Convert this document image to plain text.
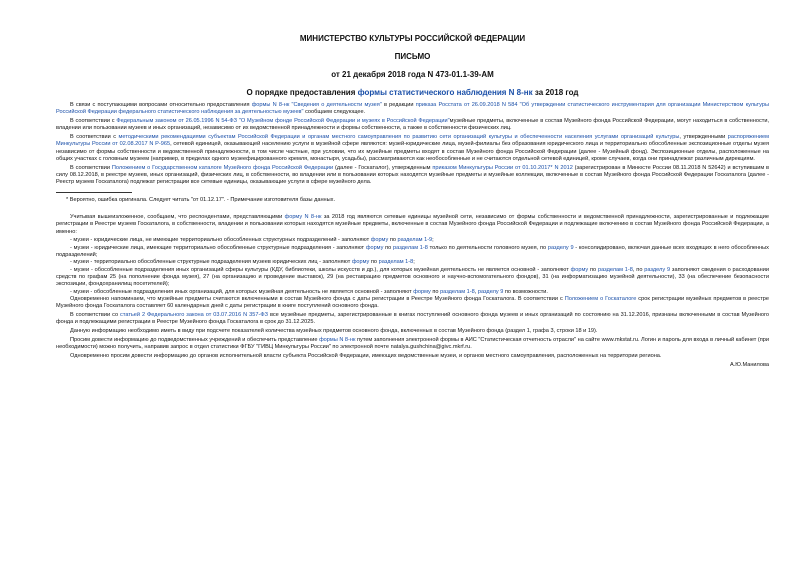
МИНИСТЕРСТВО КУЛЬТУРЫ РОССИЙСКОЙ ФЕДЕРАЦИИ
ПИСЬМО
от 21 декабря 2018 года N 473-01.1-39-АМ
О порядке предоставления формы статистического наблюдения N 8-нк за 2018 год

В связи с поступающими вопросами относительно предоставления формы N 8-нк "Сведения о деятельности музея" в редакции приказа Росстата от 26.09.2018 N 584 "Об утверждении статистического инструментария для организации Министерством культуры Российской Федерации федерального статистического наблюдения за деятельностью музеев" сообщаем следующее.

В соответствии с Федеральным законом от 26.05.1996 N 54-ФЗ "О Музейном фонде Российской Федерации и музеях в Российской Федерации"музейные предметы, включенные в состав Музейного фонда Российской Федерации, могут находиться в собственности, владении или пользовании музеев и иных организаций, независимо от их ведомственной принадлежности и формы собственности, а также в собственности физических лиц.

В соответствии с методическими рекомендациями субъектам Российской Федерации и органам местного самоуправления по развитию сети организаций культуры и обеспеченности населения услугами организаций культуры, утвержденными распоряжением Минкультуры России от 02.08.2017 N Р-965, сетевой единицей, оказывающей населению услуги в музейной сфере являются: музей-юридические лица, музей-филиалы без образования юридического лица и территориально обособленные экспозиционные отделы музея независимо от формы собственности и ведомственной принадлежности, в том числе частные, при условии, что их музейные предметы входят в состав Музейного фонда Российской Федерации (далее - Музейный фонд). Экспозиционные отделы, расположенные на общих участках с головным музеем (например, в пределах одного музеефицированного кремля, монастыря, усадьбы), рассматриваются как необособленные и не считаются отдельной сетевой единицей, кроме случаев, когда они принадлежат различным дирекциям.

В соответствии Положением о Государственном каталоге Музейного фонда Российской Федерации (далее - Госкаталог), утвержденным приказом Минкультуры России от 01.10.2017* N 2012 (зарегистрирован в Минюсте России 08.11.2018 N 52642) и вступившим в силу 08.12.2018, в реестре музеев, иных организаций, физических лиц, в собственности, во владении или в пользовании которых находятся музейные предметы и музейные коллекции, включенные в состав Музейного фонда Российской Федерации Госкаталога (далее - Реестр музеев Госкаталога) подлежат регистрации все сетевые единицы, оказывающие услуги в сфере музейного дела.

* Вероятно, ошибка оригинала. Следует читать "от 01.12.17". - Примечание изготовителя базы данных.

Учитывая вышеизложенное, сообщаем, что респондентами, представляющими форму N 8-нк за 2018 год являются сетевые единицы музейной сети, независимо от формы собственности и ведомственной принадлежности, зарегистрированные и подлежащие регистрации в Реестре музеев Госкаталога, в собственности, владении и пользовании которых находятся музейные предметы, включенные в состав Музейного фонда Российской Федерации и подлежащие включению в состав Музейного фонда Российской Федерации, а именно:

- музеи - юридические лица, не имеющие территориально обособленных структурных подразделений - заполняют форму по разделам 1-9;

- музеи - юридические лица, имеющие территориально обособленные структурные подразделения - заполняют форму по разделам 1-8 только по деятельности головного музея, по разделу 9 - консолидировано, включая данные всех входящих в него обособленных подразделений;

- музеи - территориально обособленные структурные подразделения музеев юридических лиц - заполняют форму по разделам 1-8;

- музеи - обособленные подразделения иных организаций сферы культуры (КДУ, библиотеки, школы искусств и др.), для которых музейная деятельность не является основной - заполняют форму по разделам 1-8, по разделу 9 заполняют сведения о расходовании средств по графам 25 (на пополнение фонда музея), 27 (на организацию и проведение выставок), 29 (на реставрацию предметов основного и научно-вспомогательного фондов), 31 (на информатизацию музейной деятельности), 33 (на обеспечение безопасности экспозиции, фондохранилищ посетителей);

- музеи - обособленные подразделения иных организаций, для которых музейная деятельность не является основной - заполняют форму по разделам 1-8, разделу 9 по возможности.

Одновременно напоминаем, что музейные предметы считаются включенными в состав Музейного фонда с даты регистрации в Реестре Музейного фонда Госкаталога. В соответствии с Положением о Госкаталоге срок регистрации музейных предметов в реестре Музейного фонда Госкаталога составляет 60 календарных дней с даты регистрации в книге поступлений основного фонда.

В соответствии со статьей 2 Федерального закона от 03.07.2016 N 357-ФЗ все музейные предметы, зарегистрированные в книгах поступлений основного фонда музеев и иных организаций по состоянию на 31.12.2016, признаны включенными в состав Музейного фонда и подлежащими регистрации в Реестре Музейного фонда Госкаталога в срок до 31.12.2025.

Данную информацию необходимо иметь в виду при подсчете показателей количества музейных предметов основного фонда, включенных в состав Музейного фонда (раздел 1, графа 3, строки 18 и 19).

Просим довести информацию до подведомственных учреждений и обеспечить представление формы N 8-нк путем заполнения электронной формы в АИС "Статистическая отчетность отрасли" на сайте www.mkstat.ru. Логин и пароль для входа в личный кабинет (при необходимости) можно получить, направив запрос в отдел статистики ФГБУ "ГИВЦ Минкультуры России" по электронной почте natalya.gushchina@givc.mkrf.ru.

Одновременно просим довести информацию до органов исполнительной власти субъекта Российской Федерации, имеющих ведомственные музеи, и органов местного самоуправления, расположенных на территории региона.

А.Ю.Манилова
